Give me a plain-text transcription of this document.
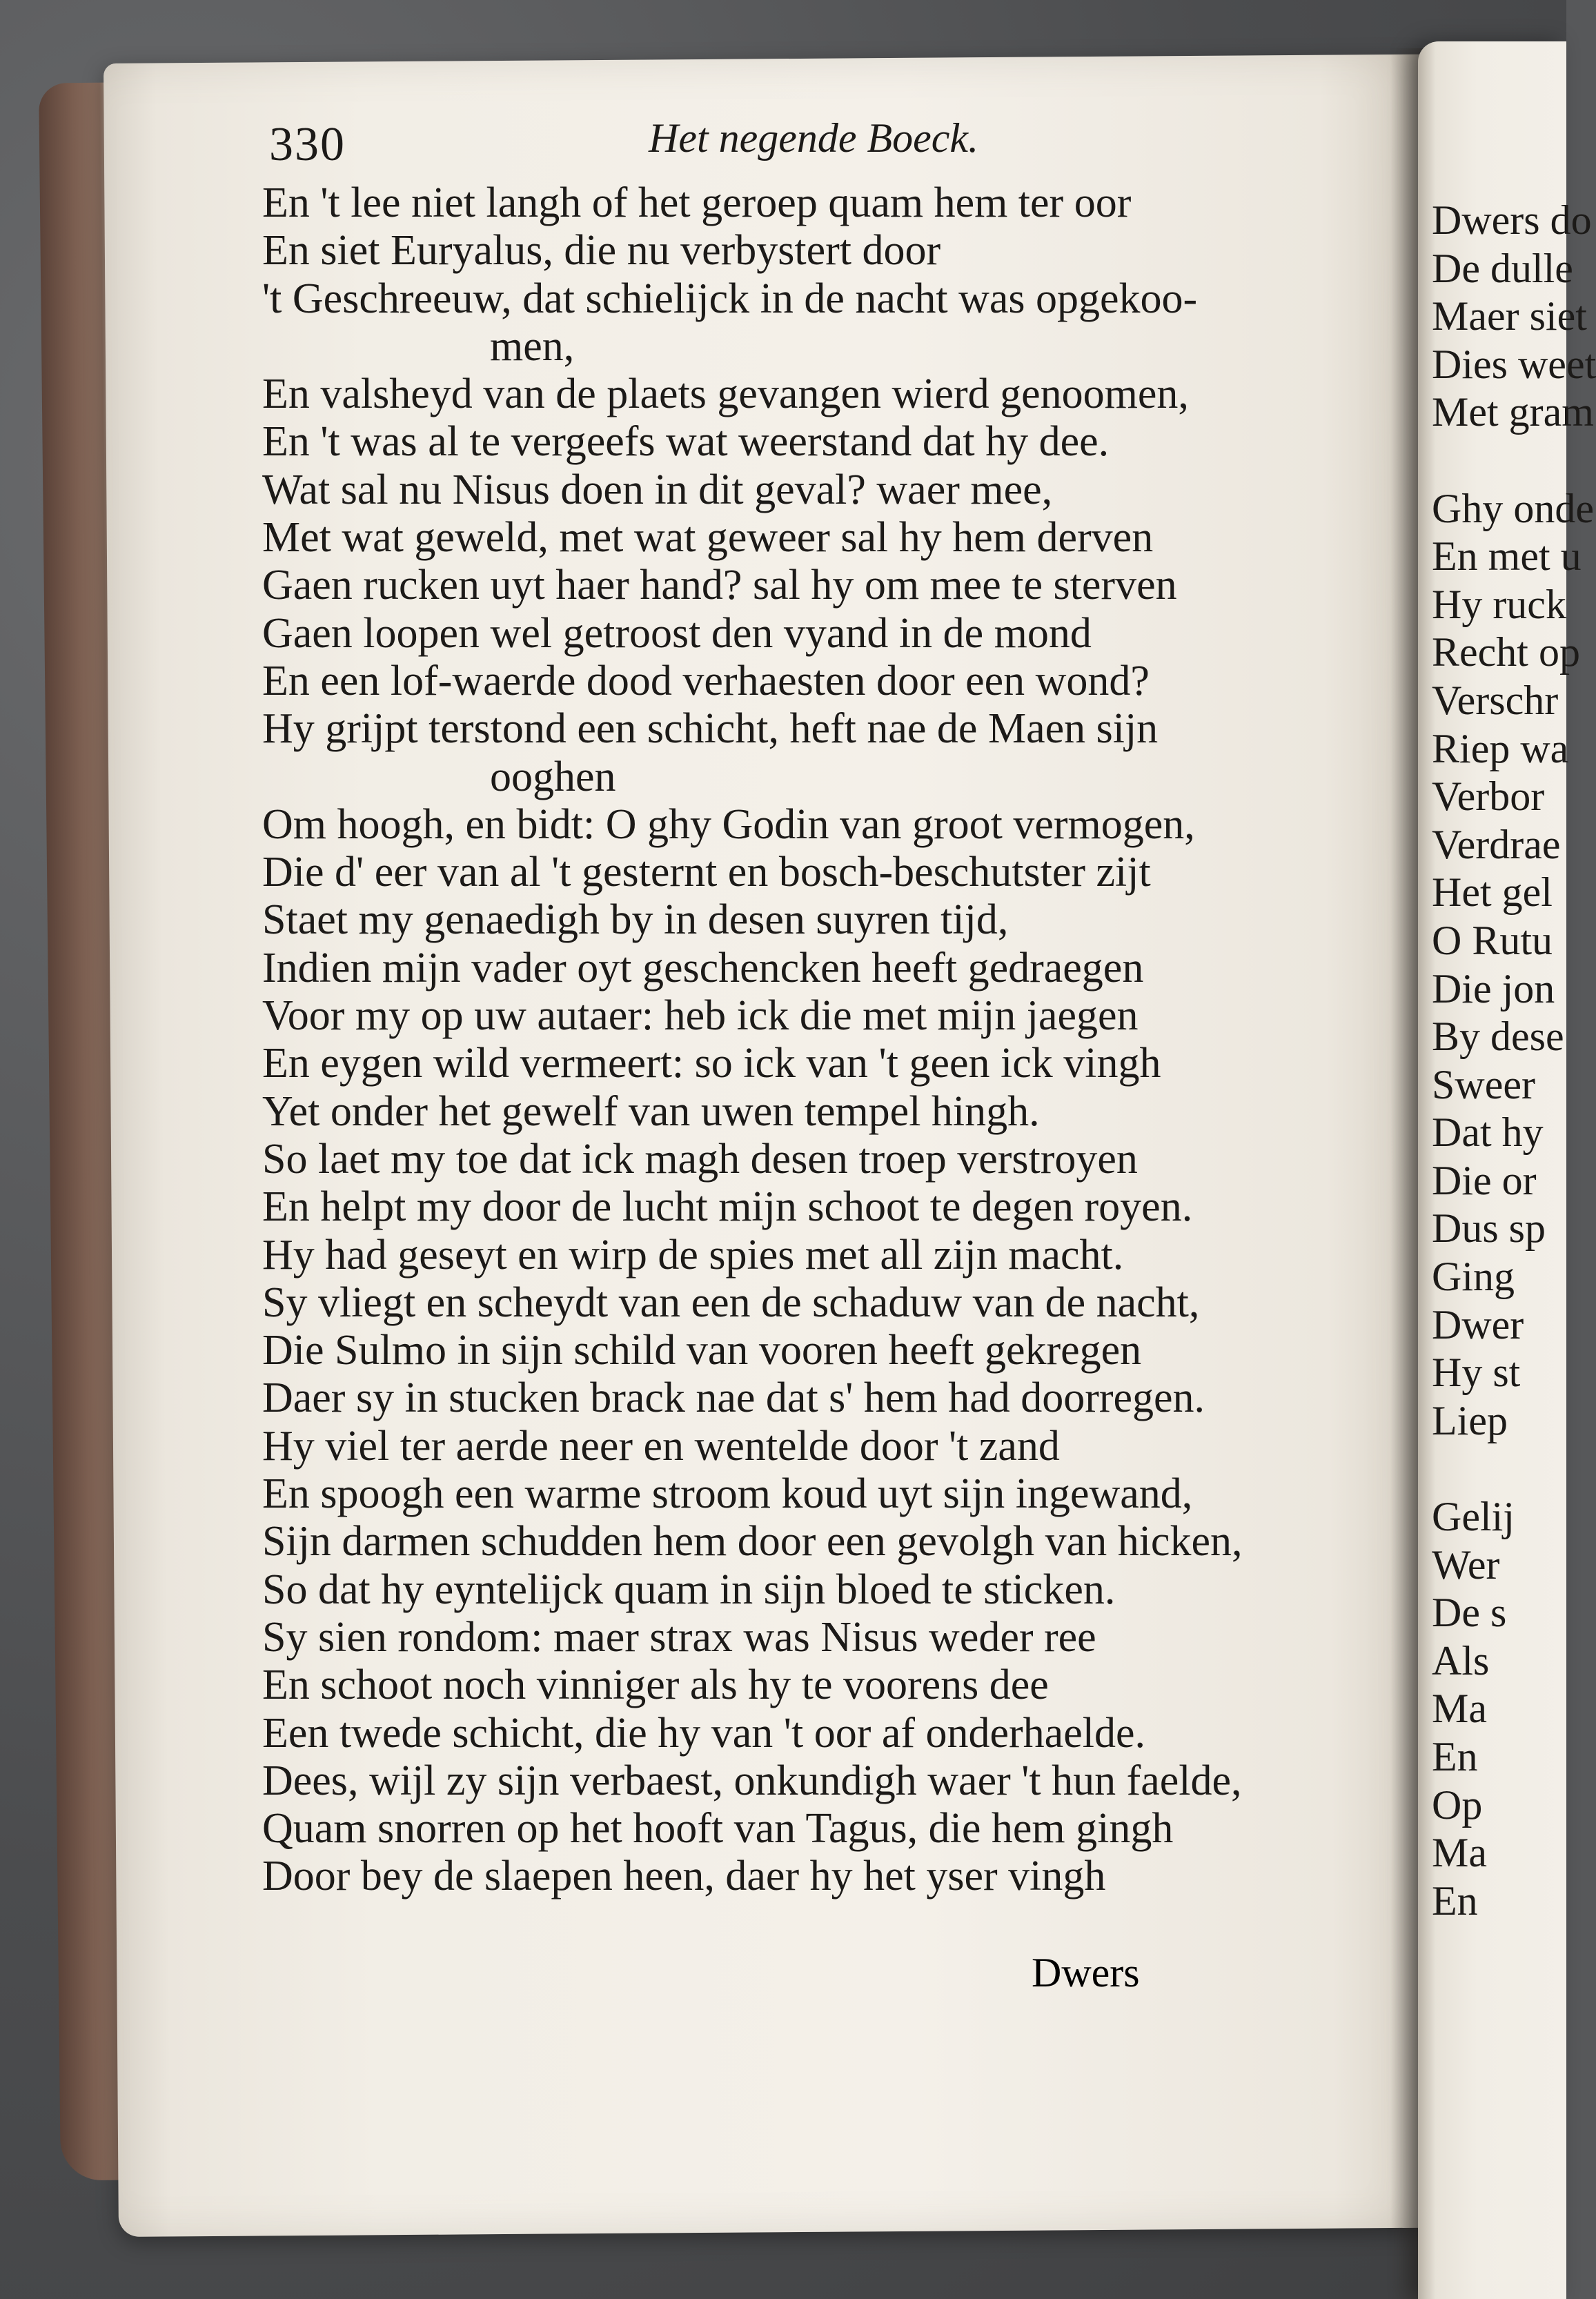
330	Het negende Boeck.
En 't lee niet langh of het geroep quam hem ter oor
En siet Euryalus, die nu verbystert door
't Geschreeuw, dat schielijck in de nacht was opgekoo-
men,
En valsheyd van de plaets gevangen wierd genoomen,
En 't was al te vergeefs wat weerstand dat hy dee.
Wat sal nu Nisus doen in dit geval? waer mee,
Met wat geweld, met wat geweer sal hy hem derven
Gaen rucken uyt haer hand? sal hy om mee te sterven
Gaen loopen wel getroost den vyand in de mond
En een lof-waerde dood verhaesten door een wond?
Hy grijpt terstond een schicht, heft nae de Maen sijn
ooghen
Om hoogh, en bidt: O ghy Godin van groot vermogen,
Die d' eer van al 't gesternt en bosch-beschutster zijt
Staet my genaedigh by in desen suyren tijd,
Indien mijn vader oyt geschencken heeft gedraegen
Voor my op uw autaer: heb ick die met mijn jaegen
En eygen wild vermeert: so ick van 't geen ick vingh
Yet onder het gewelf van uwen tempel hingh.
So laet my toe dat ick magh desen troep verstroyen
En helpt my door de lucht mijn schoot te degen royen.
Hy had geseyt en wirp de spies met all zijn macht.
Sy vliegt en scheydt van een de schaduw van de nacht,
Die Sulmo in sijn schild van vooren heeft gekregen
Daer sy in stucken brack nae dat s' hem had doorregen.
Hy viel ter aerde neer en wentelde door 't zand
En spoogh een warme stroom koud uyt sijn ingewand,
Sijn darmen schudden hem door een gevolgh van hicken,
So dat hy eyntelijck quam in sijn bloed te sticken.
Sy sien rondom: maer strax was Nisus weder ree
En schoot noch vinniger als hy te voorens dee
Een twede schicht, die hy van 't oor af onderhaelde.
Dees, wijl zy sijn verbaest, onkundigh waer 't hun faelde,
Quam snorren op het hooft van Tagus, die hem gingh
Door bey de slaepen heen, daer hy het yser vingh
Dwers
Dwers do
De dulle
Maer siet
Dies weet
Met gram
Ghy onde
En met u
Hy ruck
Recht op
Verschr
Riep wa
Verbor
Verdrae
Het gel
O Rutu
Die jon
By dese
Sweer
Dat hy
Die or
Dus sp
Ging
Dwer
Hy st
Liep
Gelij
Wer
De s
Als
Ma
En
Op
Ma
En
